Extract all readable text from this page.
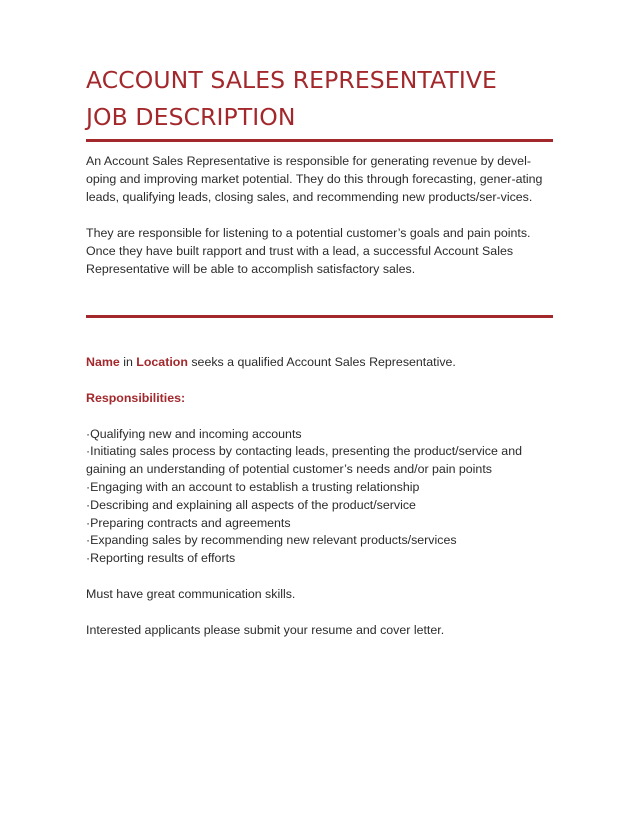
ACCOUNT SALES REPRESENTATIVE
JOB DESCRIPTION

An Account Sales Representative is responsible for generating revenue by devel-oping and improving market potential. They do this through forecasting, gener-ating leads, qualifying leads, closing sales, and recommending new products/ser-vices.

They are responsible for listening to a potential customer’s goals and pain points. Once they have built rapport and trust with a lead, a successful Account Sales Representative will be able to accomplish satisfactory sales.

Name in Location seeks a qualified Account Sales Representative.

Responsibilities:

·Qualifying new and incoming accounts
·Initiating sales process by contacting leads, presenting the product/service and gaining an understanding of potential customer’s needs and/or pain points
·Engaging with an account to establish a trusting relationship
·Describing and explaining all aspects of the product/service
·Preparing contracts and agreements
·Expanding sales by recommending new relevant products/services
·Reporting results of efforts

Must have great communication skills.

Interested applicants please submit your resume and cover letter.
